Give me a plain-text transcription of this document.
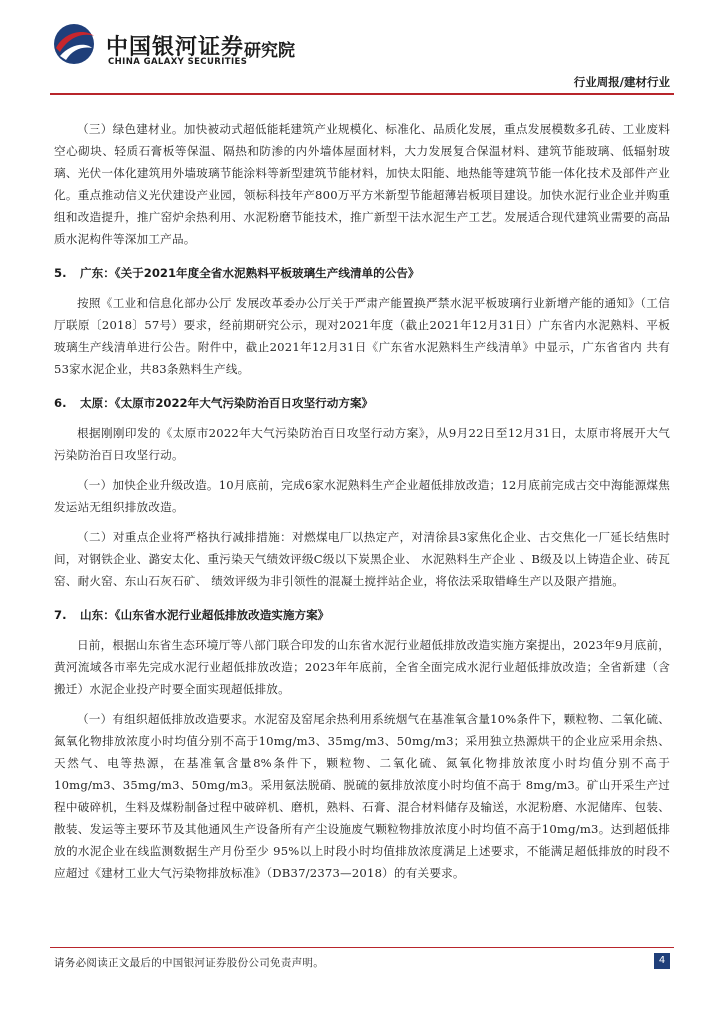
中国银河证券
CHINA GALAXY SECURITIES
研究院
行业周报/建材行业

（三）绿色建材业。加快被动式超低能耗建筑产业规模化、标准化、品质化发展，重点发展模数多孔砖、工业废料空心砌块、轻质石膏板等保温、隔热和防渗的内外墙体屋面材料，大力发展复合保温材料、建筑节能玻璃、低辐射玻璃、光伏一体化建筑用外墙玻璃节能涂料等新型建筑节能材料，加快太阳能、地热能等建筑节能一体化技术及部件产业化。重点推动信义光伏建设产业园，领标科技年产800万平方米新型节能超薄岩板项目建设。加快水泥行业企业并购重组和改造提升，推广窑炉余热利用、水泥粉磨节能技术，推广新型干法水泥生产工艺。发展适合现代建筑业需要的高品质水泥构件等深加工产品。

5.	广东：《关于2021年度全省水泥熟料平板玻璃生产线清单的公告》

按照《工业和信息化部办公厅 发展改革委办公厅关于严肃产能置换严禁水泥平板玻璃行业新增产能的通知》（工信厅联原〔2018〕57号）要求，经前期研究公示，现对2021年度（截止2021年12月31日）广东省内水泥熟料、平板玻璃生产线清单进行公告。附件中，截止2021年12月31日《广东省水泥熟料生产线清单》中显示，广东省省内 共有53家水泥企业，共83条熟料生产线。

6.	太原：《太原市2022年大气污染防治百日攻坚行动方案》

根据刚刚印发的《太原市2022年大气污染防治百日攻坚行动方案》，从9月22日至12月31日，太原市将展开大气污染防治百日攻坚行动。

（一）加快企业升级改造。10月底前，完成6家水泥熟料生产企业超低排放改造；12月底前完成古交中海能源煤焦发运站无组织排放改造。

（二）对重点企业将严格执行减排措施：对燃煤电厂以热定产，对清徐县3家焦化企业、古交焦化一厂延长结焦时间，对钢铁企业、潞安太化、重污染天气绩效评级C级以下炭黑企业、 水泥熟料生产企业 、B级及以上铸造企业、砖瓦窑、耐火窑、东山石灰石矿、 绩效评级为非引领性的混凝土搅拌站企业，将依法采取错峰生产以及限产措施。

7.	山东：《山东省水泥行业超低排放改造实施方案》

日前，根据山东省生态环境厅等八部门联合印发的山东省水泥行业超低排放改造实施方案提出，2023年9月底前，黄河流域各市率先完成水泥行业超低排放改造；2023年年底前，全省全面完成水泥行业超低排放改造；全省新建（含搬迁）水泥企业投产时要全面实现超低排放。

（一）有组织超低排放改造要求。水泥窑及窑尾余热利用系统烟气在基准氧含量10%条件下，颗粒物、二氧化硫、氮氧化物排放浓度小时均值分别不高于10mg/m3、35mg/m3、50mg/m3；采用独立热源烘干的企业应采用余热、天然气、电等热源，在基准氧含量8%条件下，颗粒物、二氧化硫、氮氧化物排放浓度小时均值分别不高于10mg/m3、35mg/m3、50mg/m3。采用氨法脱硝、脱硫的氨排放浓度小时均值不高于 8mg/m3。矿山开采生产过程中破碎机，生料及煤粉制备过程中破碎机、磨机，熟料、石膏、混合材料储存及输送，水泥粉磨、水泥储库、包装、散装、发运等主要环节及其他通风生产设备所有产尘设施废气颗粒物排放浓度小时均值不高于10mg/m3。达到超低排放的水泥企业在线监测数据生产月份至少 95%以上时段小时均值排放浓度满足上述要求，不能满足超低排放的时段不应超过《建材工业大气污染物排放标准》（DB37/2373—2018）的有关要求。

请务必阅读正文最后的中国银河证券股份公司免责声明。	4
